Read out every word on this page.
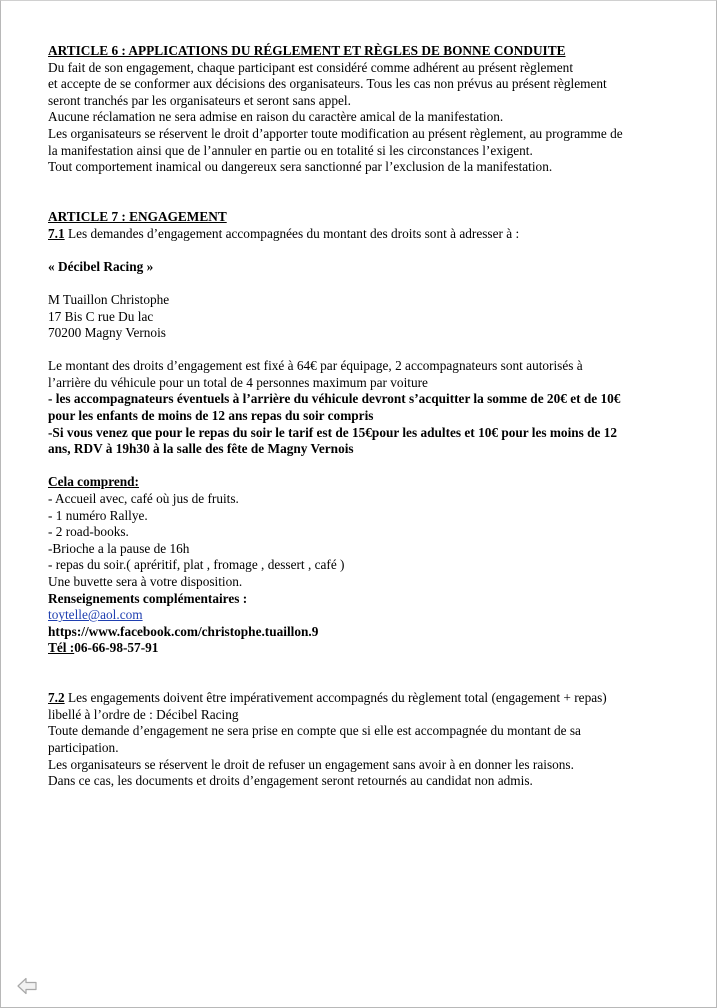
ARTICLE 6 : APPLICATIONS DU RÉGLEMENT ET RÈGLES DE BONNE CONDUITE
Du fait de son engagement, chaque participant est considéré comme adhérent au présent règlement
et accepte de se conformer aux décisions des organisateurs. Tous les cas non prévus au présent règlement
seront tranchés par les organisateurs et seront sans appel.
Aucune réclamation ne sera admise en raison du caractère amical de la manifestation.
Les organisateurs se réservent le droit d’apporter toute modification au présent règlement, au programme de
la manifestation ainsi que de l’annuler en partie ou en totalité si les circonstances l’exigent.
Tout comportement inamical ou dangereux sera sanctionné par l’exclusion de la manifestation.
ARTICLE 7 : ENGAGEMENT
7.1 Les demandes d’engagement accompagnées du montant des droits sont à adresser à :
« Décibel Racing »
M Tuaillon Christophe
17 Bis C rue Du lac
70200 Magny Vernois
Le montant des droits d’engagement est fixé à 64€ par équipage, 2 accompagnateurs sont autorisés à
l’arrière du véhicule pour un total de 4 personnes maximum par voiture
- les accompagnateurs éventuels à l’arrière du véhicule devront s’acquitter la somme de 20€ et de 10€
pour les enfants de moins de 12 ans repas du soir compris
-Si vous venez que pour le repas du soir le tarif est de 15€pour les adultes et 10€ pour les moins de 12
ans, RDV à 19h30 à la salle des fête de Magny Vernois
Cela comprend:
- Accueil avec, café où jus de fruits.
- 1 numéro Rallye.
- 2 road-books.
-Brioche a la pause de 16h
- repas du soir.( apréritif, plat , fromage , dessert , café )
Une buvette sera à votre disposition.
Renseignements complémentaires :
toytelle@aol.com
https://www.facebook.com/christophe.tuaillon.9
Tél :06-66-98-57-91
7.2 Les engagements doivent être impérativement accompagnés du règlement total (engagement + repas)
libellé à l’ordre de : Décibel Racing
Toute demande d’engagement ne sera prise en compte que si elle est accompagnée du montant de sa
participation.
Les organisateurs se réservent le droit de refuser un engagement sans avoir à en donner les raisons.
Dans ce cas, les documents et droits d’engagement seront retournés au candidat non admis.
